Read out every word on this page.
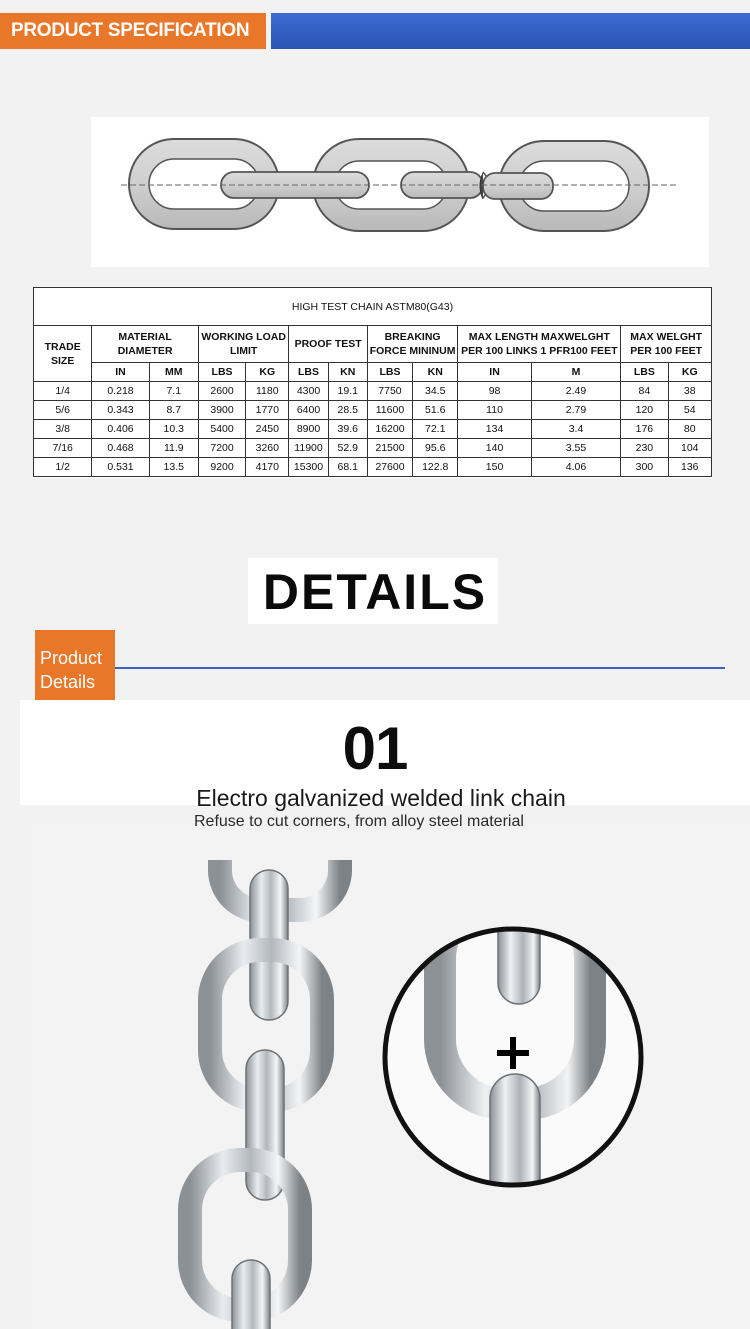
PRODUCT SPECIFICATION
HIGH TEST CHAIN ASTM80(G43)												
TRADE SIZE	MATERIAL DIAMETER		WORKING LOAD LIMIT		PROOF TEST		BREAKING FORCE MININUM		MAX LENGTH MAXWELGHT PER 100 LINKS 1 PFR100 FEET		MAX WELGHT PER 100 FEET	
	IN	MM	LBS	KG	LBS	KN	LBS	KN	IN	M	LBS	KG
1/4	0.218	7.1	2600	1180	4300	19.1	7750	34.5	98	2.49	84	38
5/6	0.343	8.7	3900	1770	6400	28.5	11600	51.6	110	2.79	120	54
3/8	0.406	10.3	5400	2450	8900	39.6	16200	72.1	134	3.4	176	80
7/16	0.468	11.9	7200	3260	11900	52.9	21500	95.6	140	3.55	230	104
1/2	0.531	13.5	9200	4170	15300	68.1	27600	122.8	150	4.06	300	136
DETAILS
Product Details
01
Electro galvanized welded link chain
Refuse to cut corners, from alloy steel material
